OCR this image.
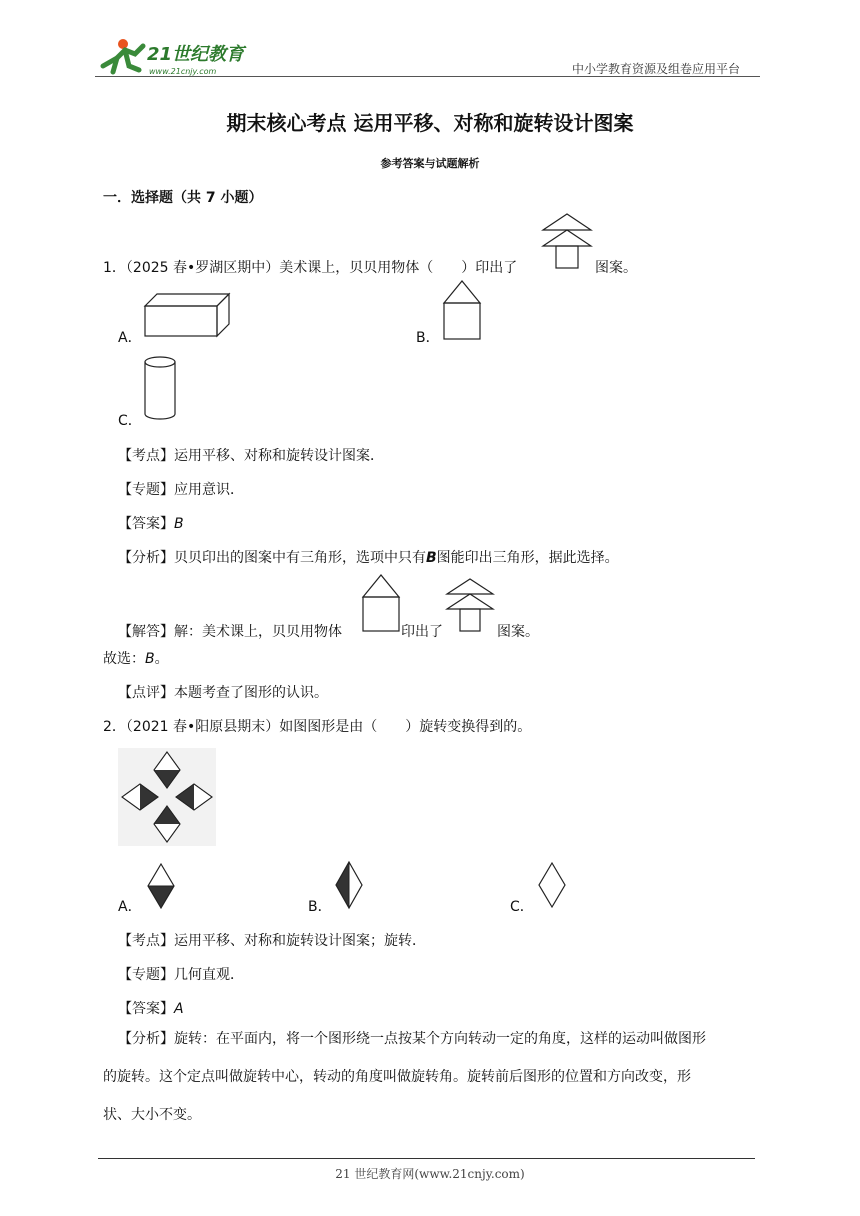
21世纪教育
www.21cnjy.com	中小学教育资源及组卷应用平台
期末核心考点 运用平移、对称和旋转设计图案
参考答案与试题解析
一．选择题（共 7 小题）
1．（2025 春•罗湖区期中）美术课上，贝贝用物体（　　）印出了	图案。
A．	B．
C．
【考点】运用平移、对称和旋转设计图案．
【专题】应用意识．
【答案】B
【分析】贝贝印出的图案中有三角形，选项中只有B图能印出三角形，据此选择。
【解答】解：美术课上，贝贝用物体	印出了	图案。
故选：B。
【点评】本题考查了图形的认识。
2．（2021 春•阳原县期末）如图图形是由（　　）旋转变换得到的。
A．	B．	C．
【考点】运用平移、对称和旋转设计图案；旋转．
【专题】几何直观．
【答案】A
【分析】旋转：在平面内，将一个图形绕一点按某个方向转动一定的角度，这样的运动叫做图形
的旋转。这个定点叫做旋转中心，转动的角度叫做旋转角。旋转前后图形的位置和方向改变，形
状、大小不变。
21 世纪教育网(www.21cnjy.com)
